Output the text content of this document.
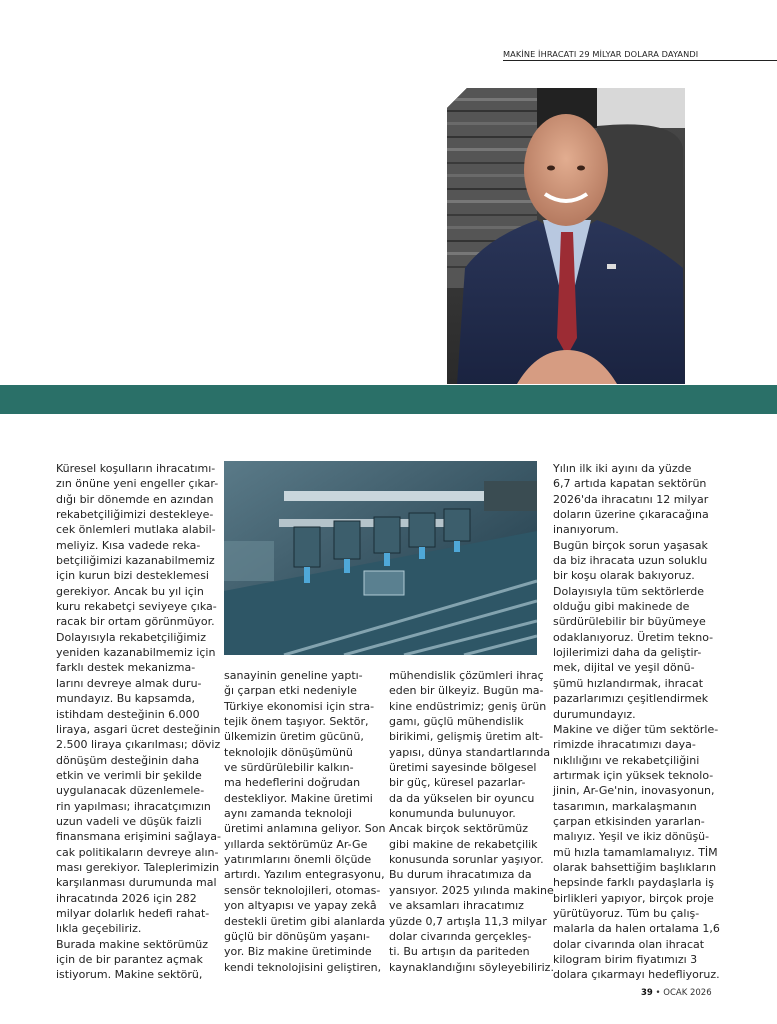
MAKİNE İHRACATI 29 MİLYAR DOLARA DAYANDI
Küresel koşulların ihracatımı-
zın önüne yeni engeller çıkar-
dığı bir dönemde en azından
rekabetçiliğimizi destekleye-
cek önlemleri mutlaka alabil-
meliyiz. Kısa vadede reka-
betçiliğimizi kazanabilmemiz
için kurun bizi desteklemesi
gerekiyor. Ancak bu yıl için
kuru rekabetçi seviyeye çıka-
racak bir ortam görünmüyor.
Dolayısıyla rekabetçiliğimiz
yeniden kazanabilmemiz için
farklı destek mekanizma-
larını devreye almak duru-
mundayız. Bu kapsamda,
istihdam desteğinin 6.000
liraya, asgari ücret desteğinin
2.500 liraya çıkarılması; döviz
dönüşüm desteğinin daha
etkin ve verimli bir şekilde
uygulanacak düzenlemele-
rin yapılması; ihracatçımızın
uzun vadeli ve düşük faizli
finansmana erişimini sağlaya-
cak politikaların devreye alın-
ması gerekiyor. Taleplerimizin
karşılanması durumunda mal
ihracatında 2026 için 282
milyar dolarlık hedefi rahat-
lıkla geçebiliriz.
Burada makine sektörümüz
için de bir parantez açmak
istiyorum. Makine sektörü,
sanayinin geneline yaptı-
ğı çarpan etki nedeniyle
Türkiye ekonomisi için stra-
tejik önem taşıyor. Sektör,
ülkemizin üretim gücünü,
teknolojik dönüşümünü
ve sürdürülebilir kalkın-
ma hedeflerini doğrudan
destekliyor. Makine üretimi
aynı zamanda teknoloji
üretimi anlamına geliyor. Son
yıllarda sektörümüz Ar-Ge
yatırımlarını önemli ölçüde
artırdı. Yazılım entegrasyonu,
sensör teknolojileri, otomas-
yon altyapısı ve yapay zekâ
destekli üretim gibi alanlarda
güçlü bir dönüşüm yaşanı-
yor. Biz makine üretiminde
kendi teknolojisini geliştiren,
mühendislik çözümleri ihraç
eden bir ülkeyiz. Bugün ma-
kine endüstrimiz; geniş ürün
gamı, güçlü mühendislik
birikimi, gelişmiş üretim alt-
yapısı, dünya standartlarında
üretimi sayesinde bölgesel
bir güç, küresel pazarlar-
da da yükselen bir oyuncu
konumunda bulunuyor.
Ancak birçok sektörümüz
gibi makine de rekabetçilik
konusunda sorunlar yaşıyor.
Bu durum ihracatımıza da
yansıyor. 2025 yılında makine
ve aksamları ihracatımız
yüzde 0,7 artışla 11,3 milyar
dolar civarında gerçekleş-
ti. Bu artışın da pariteden
kaynaklandığını söyleyebiliriz.
Yılın ilk iki ayını da yüzde
6,7 artıda kapatan sektörün
2026'da ihracatını 12 milyar
doların üzerine çıkaracağına
inanıyorum.
Bugün birçok sorun yaşasak
da biz ihracata uzun soluklu
bir koşu olarak bakıyoruz.
Dolayısıyla tüm sektörlerde
olduğu gibi makinede de
sürdürülebilir bir büyümeye
odaklanıyoruz. Üretim tekno-
lojilerimizi daha da geliştir-
mek, dijital ve yeşil dönü-
şümü hızlandırmak, ihracat
pazarlarımızı çeşitlendirmek
durumundayız.
Makine ve diğer tüm sektörle-
rimizde ihracatımızı daya-
nıklılığını ve rekabetçiliğini
artırmak için yüksek teknolo-
jinin, Ar-Ge'nin, inovasyonun,
tasarımın, markalaşmanın
çarpan etkisinden yararlan-
malıyız. Yeşil ve ikiz dönüşü-
mü hızla tamamlamalıyız. TİM
olarak bahsettiğim başlıkların
hepsinde farklı paydaşlarla iş
birlikleri yapıyor, birçok proje
yürütüyoruz. Tüm bu çalış-
malarla da halen ortalama 1,6
dolar civarında olan ihracat
kilogram birim fiyatımızı 3
dolara çıkarmayı hedefliyoruz.
39 • OCAK 2026
